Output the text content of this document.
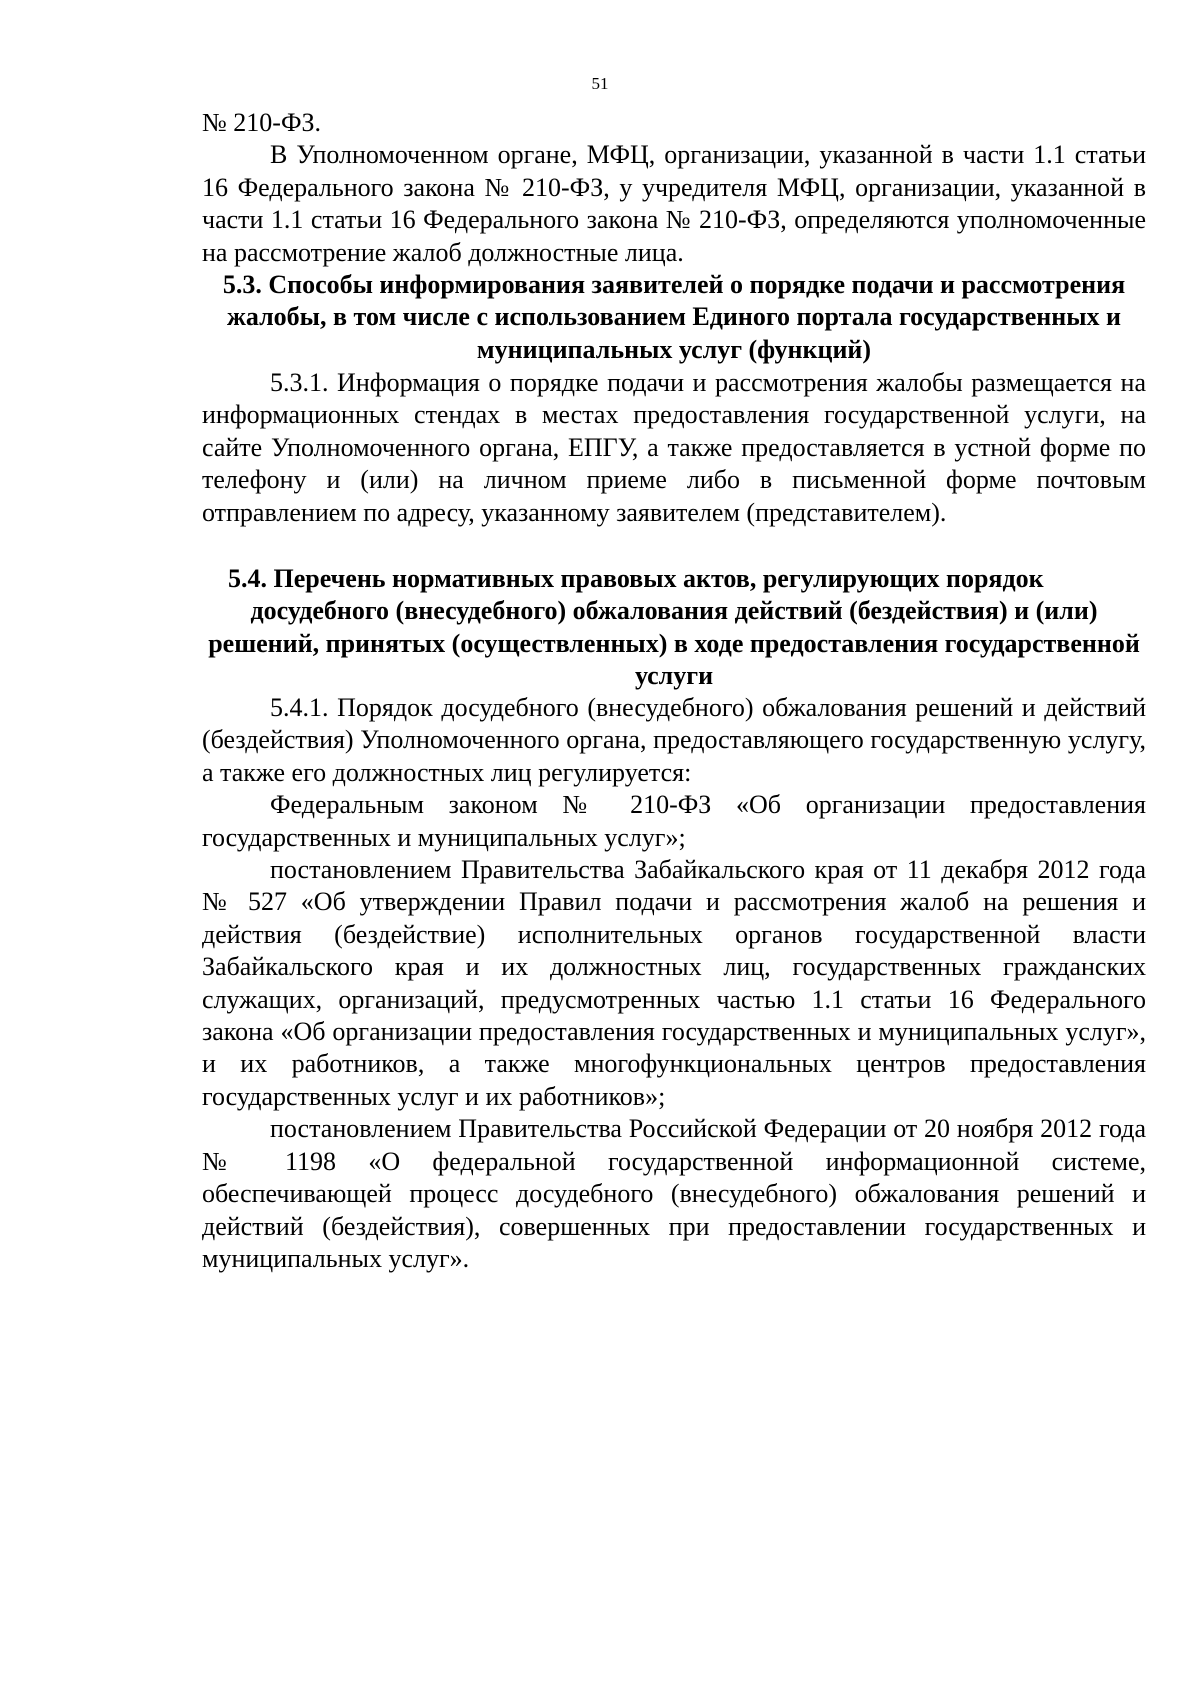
51

№ 210-ФЗ.

В Уполномоченном органе, МФЦ, организации, указанной в части 1.1 статьи 16 Федерального закона № 210-ФЗ, у учредителя МФЦ, организации, указанной в части 1.1 статьи 16 Федерального закона № 210-ФЗ, определяются уполномоченные на рассмотрение жалоб должностные лица.

5.3. Способы информирования заявителей о порядке подачи и рассмотрения жалобы, в том числе с использованием Единого портала государственных и муниципальных услуг (функций)
5.3.1. Информация о порядке подачи и рассмотрения жалобы размещается на информационных стендах в местах предоставления государственной услуги, на сайте Уполномоченного органа, ЕПГУ, а также предоставляется в устной форме по телефону и (или) на личном приеме либо в письменной форме почтовым отправлением по адресу, указанному заявителем (представителем).

5.4. Перечень нормативных правовых актов, регулирующих порядок

досудебного (внесудебного) обжалования действий (бездействия) и (или) решений, принятых (осуществленных) в ходе предоставления государственной услуги

5.4.1. Порядок досудебного (внесудебного) обжалования решений и действий (бездействия) Уполномоченного органа, предоставляющего государственную услугу, а также его должностных лиц регулируется:

Федеральным законом № 210-ФЗ «Об организации предоставления государственных и муниципальных услуг»;

постановлением Правительства Забайкальского края от 11 декабря 2012 года № 527 «Об утверждении Правил подачи и рассмотрения жалоб на решения и действия (бездействие) исполнительных органов государственной власти Забайкальского края и их должностных лиц, государственных гражданских служащих, организаций, предусмотренных частью 1.1 статьи 16 Федерального закона «Об организации предоставления государственных и муниципальных услуг», и их работников, а также многофункциональных центров предоставления государственных услуг и их работников»;

постановлением Правительства Российской Федерации от 20 ноября 2012 года № 1198 «О федеральной государственной информационной системе, обеспечивающей процесс досудебного (внесудебного) обжалования решений и действий (бездействия), совершенных при предоставлении государственных и муниципальных услуг».
